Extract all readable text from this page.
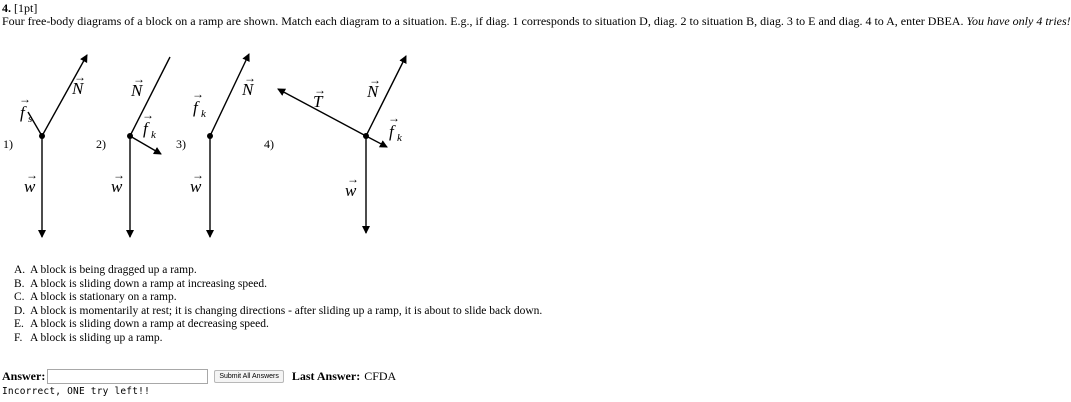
4. [1pt]
Four free-body diagrams of a block on a ramp are shown. Match each diagram to a situation. E.g., if diag. 1 corresponds to situation D, diag. 2 to situation B, diag. 3 to E and diag. 4 to A, enter DBEA. You have only 4 tries!
1)
N
→
f s
→
w
→
2)
N
→
f k
→
w
→
3)
N
→
f k
→
w
→
4)
T
→ N
→
f k
→
w
→
A. A block is being dragged up a ramp.
B. A block is sliding down a ramp at increasing speed.
C. A block is stationary on a ramp.
D. A block is momentarily at rest; it is changing directions - after sliding up a ramp, it is about to slide back down.
E. A block is sliding down a ramp at decreasing speed.
F. A block is sliding up a ramp.
Answer:	Submit All Answers	Last Answer: CFDA
Incorrect, ONE try left!!
